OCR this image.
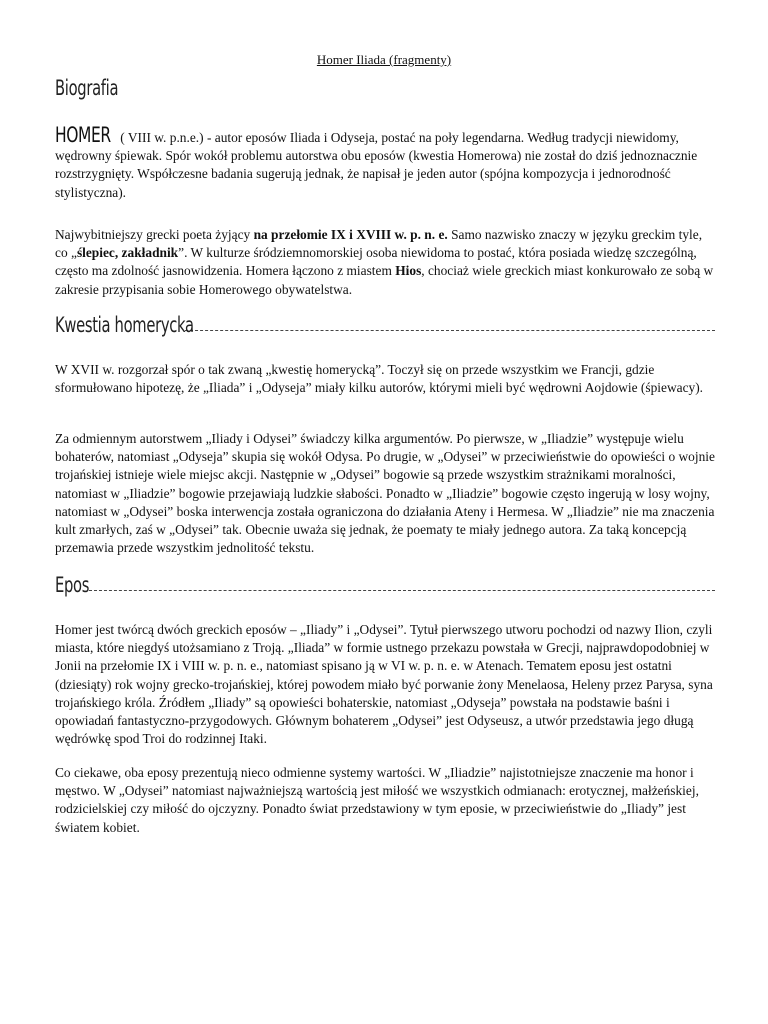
Homer Iliada (fragmenty)
Biografia
HOMER ( VIII w. p.n.e.) - autor eposów Iliada i Odyseja, postać na poły legendarna. Według tradycji niewidomy, wędrowny śpiewak. Spór wokół problemu autorstwa obu eposów (kwestia Homerowa) nie został do dziś jednoznacznie rozstrzygnięty. Współczesne badania sugerują jednak, że napisał je jeden autor (spójna kompozycja i jednorodność stylistyczna).
Najwybitniejszy grecki poeta żyjący na przełomie IX i XVIII w. p. n. e. Samo nazwisko znaczy w języku greckim tyle, co „ślepiec, zakładnik”. W kulturze śródziemnomorskiej osoba niewidoma to postać, która posiada wiedzę szczególną, często ma zdolność jasnowidzenia. Homera łączono z miastem Hios, chociaż wiele greckich miast konkurowało ze sobą w zakresie przypisania sobie Homerowego obywatelstwa.
Kwestia homerycka
W XVII w. rozgorzał spór o tak zwaną „kwestię homerycką”. Toczył się on przede wszystkim we Francji, gdzie sformułowano hipotezę, że „Iliada” i „Odyseja” miały kilku autorów, którymi mieli być wędrowni Aojdowie (śpiewacy).
Za odmiennym autorstwem „Iliady i Odysei” świadczy kilka argumentów. Po pierwsze, w „Iliadzie” występuje wielu bohaterów, natomiast „Odyseja” skupia się wokół Odysa. Po drugie, w „Odysei” w przeciwieństwie do opowieści o wojnie trojańskiej istnieje wiele miejsc akcji. Następnie w „Odysei” bogowie są przede wszystkim strażnikami moralności, natomiast w „Iliadzie” bogowie przejawiają ludzkie słabości. Ponadto w „Iliadzie” bogowie często ingerują w losy wojny, natomiast w „Odysei” boska interwencja została ograniczona do działania Ateny i Hermesa. W „Iliadzie” nie ma znaczenia kult zmarłych, zaś w „Odysei” tak. Obecnie uważa się jednak, że poematy te miały jednego autora. Za taką koncepcją przemawia przede wszystkim jednolitość tekstu.
Epos
Homer jest twórcą dwóch greckich eposów – „Iliady” i „Odysei”. Tytuł pierwszego utworu pochodzi od nazwy Ilion, czyli miasta, które niegdyś utożsamiano z Troją. „Iliada” w formie ustnego przekazu powstała w Grecji, najprawdopodobniej w Jonii na przełomie IX i VIII w. p. n. e., natomiast spisano ją w VI w. p. n. e. w Atenach. Tematem eposu jest ostatni (dziesiąty) rok wojny grecko-trojańskiej, której powodem miało być porwanie żony Menelaosa, Heleny przez Parysa, syna trojańskiego króla. Źródłem „Iliady” są opowieści bohaterskie, natomiast „Odyseja” powstała na podstawie baśni i opowiadań fantastyczno-przygodowych. Głównym bohaterem „Odysei” jest Odyseusz, a utwór przedstawia jego długą wędrówkę spod Troi do rodzinnej Itaki.
Co ciekawe, oba eposy prezentują nieco odmienne systemy wartości. W „Iliadzie” najistotniejsze znaczenie ma honor i męstwo. W „Odysei” natomiast najważniejszą wartością jest miłość we wszystkich odmianach: erotycznej, małżeńskiej, rodzicielskiej czy miłość do ojczyzny. Ponadto świat przedstawiony w tym eposie, w przeciwieństwie do „Iliady” jest światem kobiet.
